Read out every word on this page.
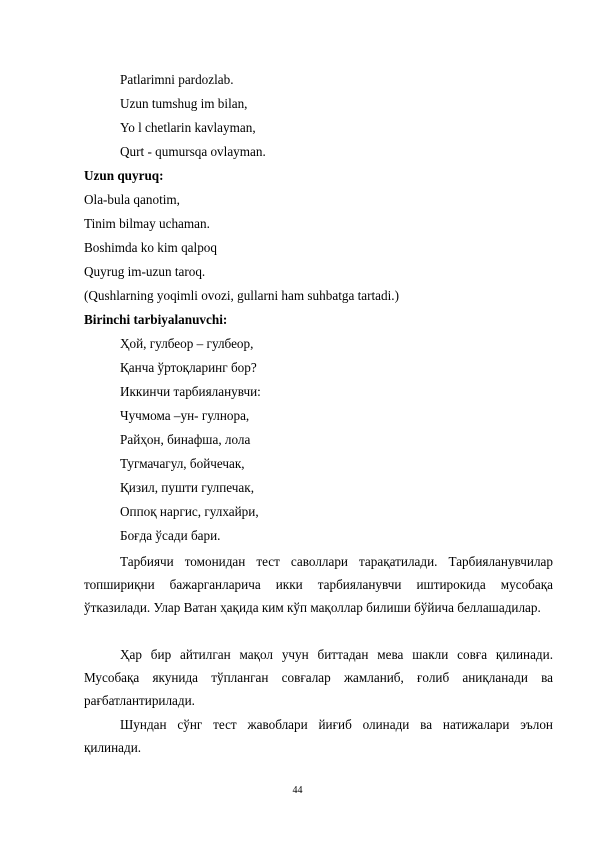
Patlarimni pardozlab.
Uzun tumshug im bilan,
Yo l chetlarin kavlayman,
Qurt - qumursqa ovlayman.
Uzun quyruq:
Ola-bula qanotim,
Tinim bilmay uchaman.
Boshimda ko kim qalpoq
Quyrug im-uzun taroq.
(Qushlarning yoqimli ovozi, gullarni ham suhbatga tartadi.)
Birinchi tarbiyalanuvchi:
Ҳой, гулбеор – гулбеор,
Қанча ўртоқларинг бор?
Иккинчи тарбияланувчи:
Чучмома –ун- гулнора,
Райҳон, бинафша, лола
Тугмачагул, бойчечак,
Қизил, пушти гулпечак,
Оппоқ наргис, гулхайри,
Боғда ўсади бари.
Тарбиячи томонидан тест саволлари тарақатилади. Тарбияланувчилар топшириқни бажарганларича икки тарбияланувчи иштирокида мусобақа ўтказилади. Улар Ватан ҳақида ким кўп мақоллар билиши бўйича беллашадилар.
Ҳар бир айтилган мақол учун биттадан мева шакли совға қилинади. Мусобақа якунида тўпланган совғалар жамланиб, ғолиб аниқланади ва рағбатлантирилади.
Шундан сўнг тест жавоблари йиғиб олинади ва натижалари эълон қилинади.
44
